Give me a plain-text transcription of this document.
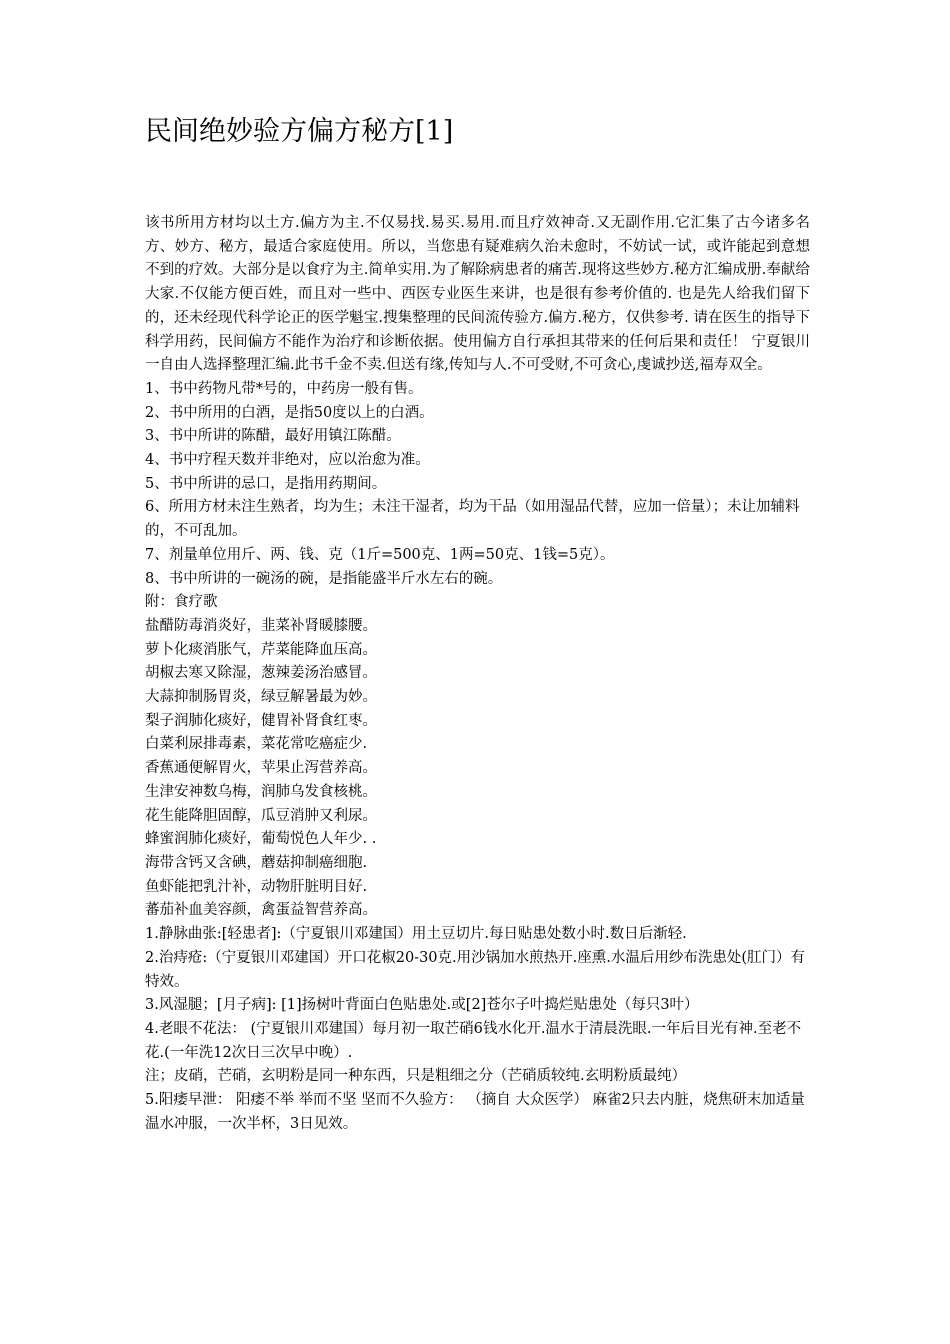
民间绝妙验方偏方秘方[1]

该书所用方材均以土方.偏方为主.不仅易找.易买.易用.而且疗效神奇.又无副作用.它汇集了古今诸多名方、妙方、秘方，最适合家庭使用。所以，当您患有疑难病久治未愈时，不妨试一试，或许能起到意想不到的疗效。大部分是以食疗为主.简单实用.为了解除病患者的痛苦.现将这些妙方.秘方汇编成册.奉献给大家.不仅能方便百姓，而且对一些中、西医专业医生来讲，也是很有参考价值的. 也是先人给我们留下的，还未经现代科学论正的医学魁宝.搜集整理的民间流传验方.偏方.秘方，仅供参考. 请在医生的指导下科学用药，民间偏方不能作为治疗和诊断依据。使用偏方自行承担其带来的任何后果和责任！ 宁夏银川一自由人选择整理汇编.此书千金不卖.但送有缘,传知与人.不可受财,不可贪心,虔诚抄送,福寿双全。

1、书中药物凡带*号的，中药房一般有售。

2、书中所用的白酒，是指50度以上的白酒。

3、书中所讲的陈醋，最好用镇江陈醋。

4、书中疗程天数并非绝对，应以治愈为准。

5、书中所讲的忌口，是指用药期间。

6、所用方材未注生熟者，均为生；未注干湿者，均为干品（如用湿品代替，应加一倍量）；未让加辅料的，不可乱加。

7、剂量单位用斤、两、钱、克（1斤=500克、1两=50克、1钱=5克）。

8、书中所讲的一碗汤的碗，是指能盛半斤水左右的碗。

附：食疗歌

盐醋防毒消炎好，韭菜补肾暖膝腰。

萝卜化痰消胀气，芹菜能降血压高。

胡椒去寒又除湿，葱辣姜汤治感冒。

大蒜抑制肠胃炎，绿豆解暑最为妙。

梨子润肺化痰好，健胃补肾食红枣。

白菜利尿排毒素，菜花常吃癌症少.

香蕉通便解胃火，苹果止泻营养高。

生津安神数乌梅，润肺乌发食核桃。

花生能降胆固醇，瓜豆消肿又利尿。

蜂蜜润肺化痰好，葡萄悦色人年少. .

海带含钙又含碘，蘑菇抑制癌细胞.

鱼虾能把乳汁补，动物肝脏明目好.

蕃茄补血美容颜，禽蛋益智营养高。

1.静脉曲张:[轻患者]:（宁夏银川邓建国）用土豆切片.每日贴患处数小时.数日后渐轻.

2.治痔疮:（宁夏银川邓建国）开口花椒20-30克.用沙锅加水煎热开.座熏.水温后用纱布洗患处(肛门）有特效。

3.风湿腿；[月子病]: [1]扬树叶背面白色贴患处.或[2]苍尔子叶捣烂贴患处（每只3叶）

4.老眼不花法： (宁夏银川邓建国）每月初一取芒硝6钱水化开.温水于清晨洗眼.一年后目光有神.至老不花.(一年洗12次日三次早中晚）.

注；皮硝，芒硝，玄明粉是同一种东西，只是粗细之分（芒硝质较纯.玄明粉质最纯）

5.阳痿早泄： 阳痿不举 举而不坚 坚而不久验方： （摘自 大众医学） 麻雀2只去内脏，烧焦研末加适量温水冲服，一次半杯，3日见效。
